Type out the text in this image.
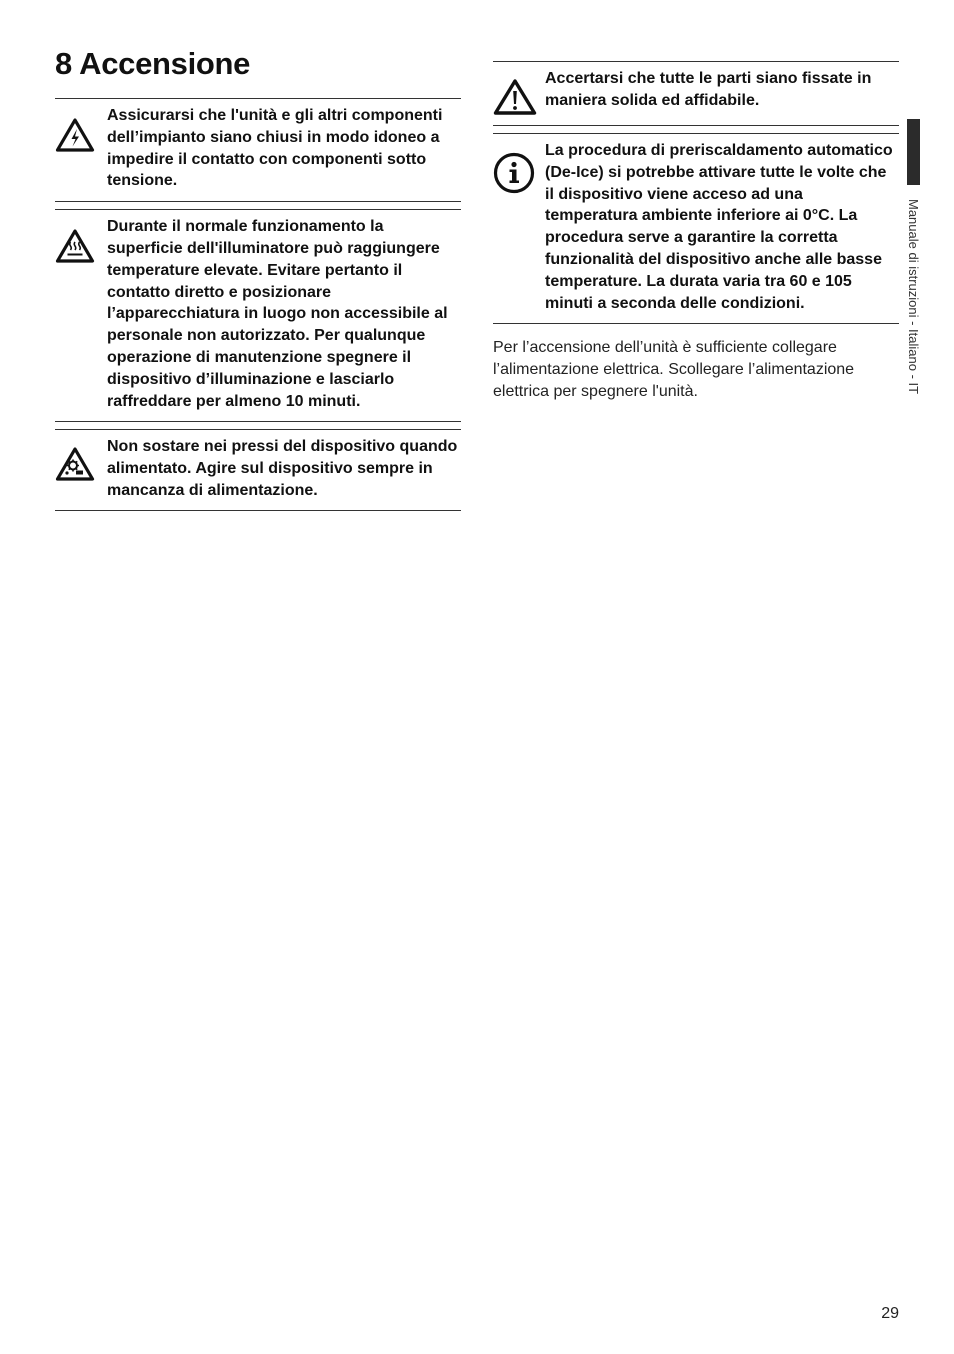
8 Accensione
Assicurarsi che l'unità e gli altri componenti dell’impianto siano chiusi in modo idoneo a impedire il contatto con componenti sotto tensione.
Durante il normale funzionamento la superficie dell'illuminatore può raggiungere temperature elevate. Evitare pertanto il contatto diretto e posizionare l’apparecchiatura in luogo non accessibile al personale non autorizzato. Per qualunque operazione di manutenzione spegnere il dispositivo d’illuminazione e lasciarlo raffreddare per almeno 10 minuti.
Non sostare nei pressi del dispositivo quando alimentato. Agire sul dispositivo sempre in mancanza di alimentazione.
Accertarsi che tutte le parti siano fissate in maniera solida ed affidabile.
La procedura di preriscaldamento automatico (De-Ice) si potrebbe attivare tutte le volte che il dispositivo viene acceso ad una temperatura ambiente inferiore ai 0°C. La procedura serve a garantire la corretta funzionalità del dispositivo anche alle basse temperature. La durata varia tra 60 e 105 minuti a seconda delle condizioni.

Per l’accensione dell’unità è sufficiente collegare l’alimentazione elettrica. Scollegare l’alimentazione elettrica per spegnere l'unità.	Manuale di istruzioni - Italiano - IT
29
